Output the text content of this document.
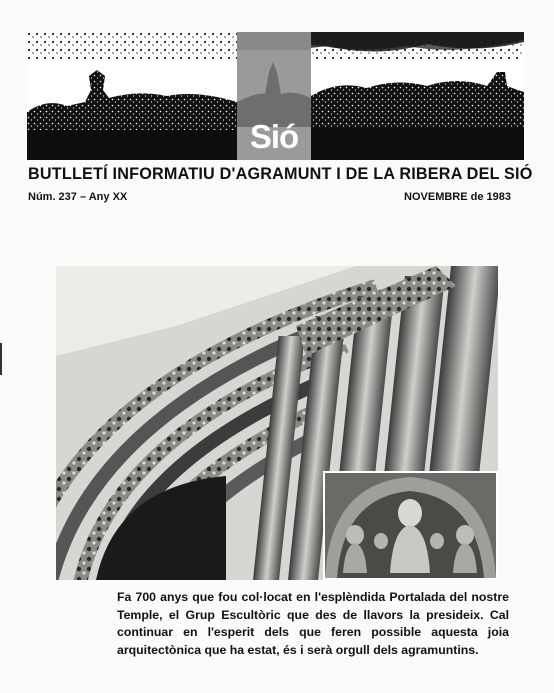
Sió
BUTLLETÍ INFORMATIU D'AGRAMUNT I DE LA RIBERA DEL SIÓ
Núm. 237 – Any XX	NOVEMBRE de 1983
Fa 700 anys que fou col·locat en l'esplèndida Portalada del nostre Temple, el Grup Escultòric que des de llavors la presideix. Cal continuar en l'esperit dels que feren possible aquesta joia arquitectònica que ha estat, és i serà orgull dels agramuntins.
